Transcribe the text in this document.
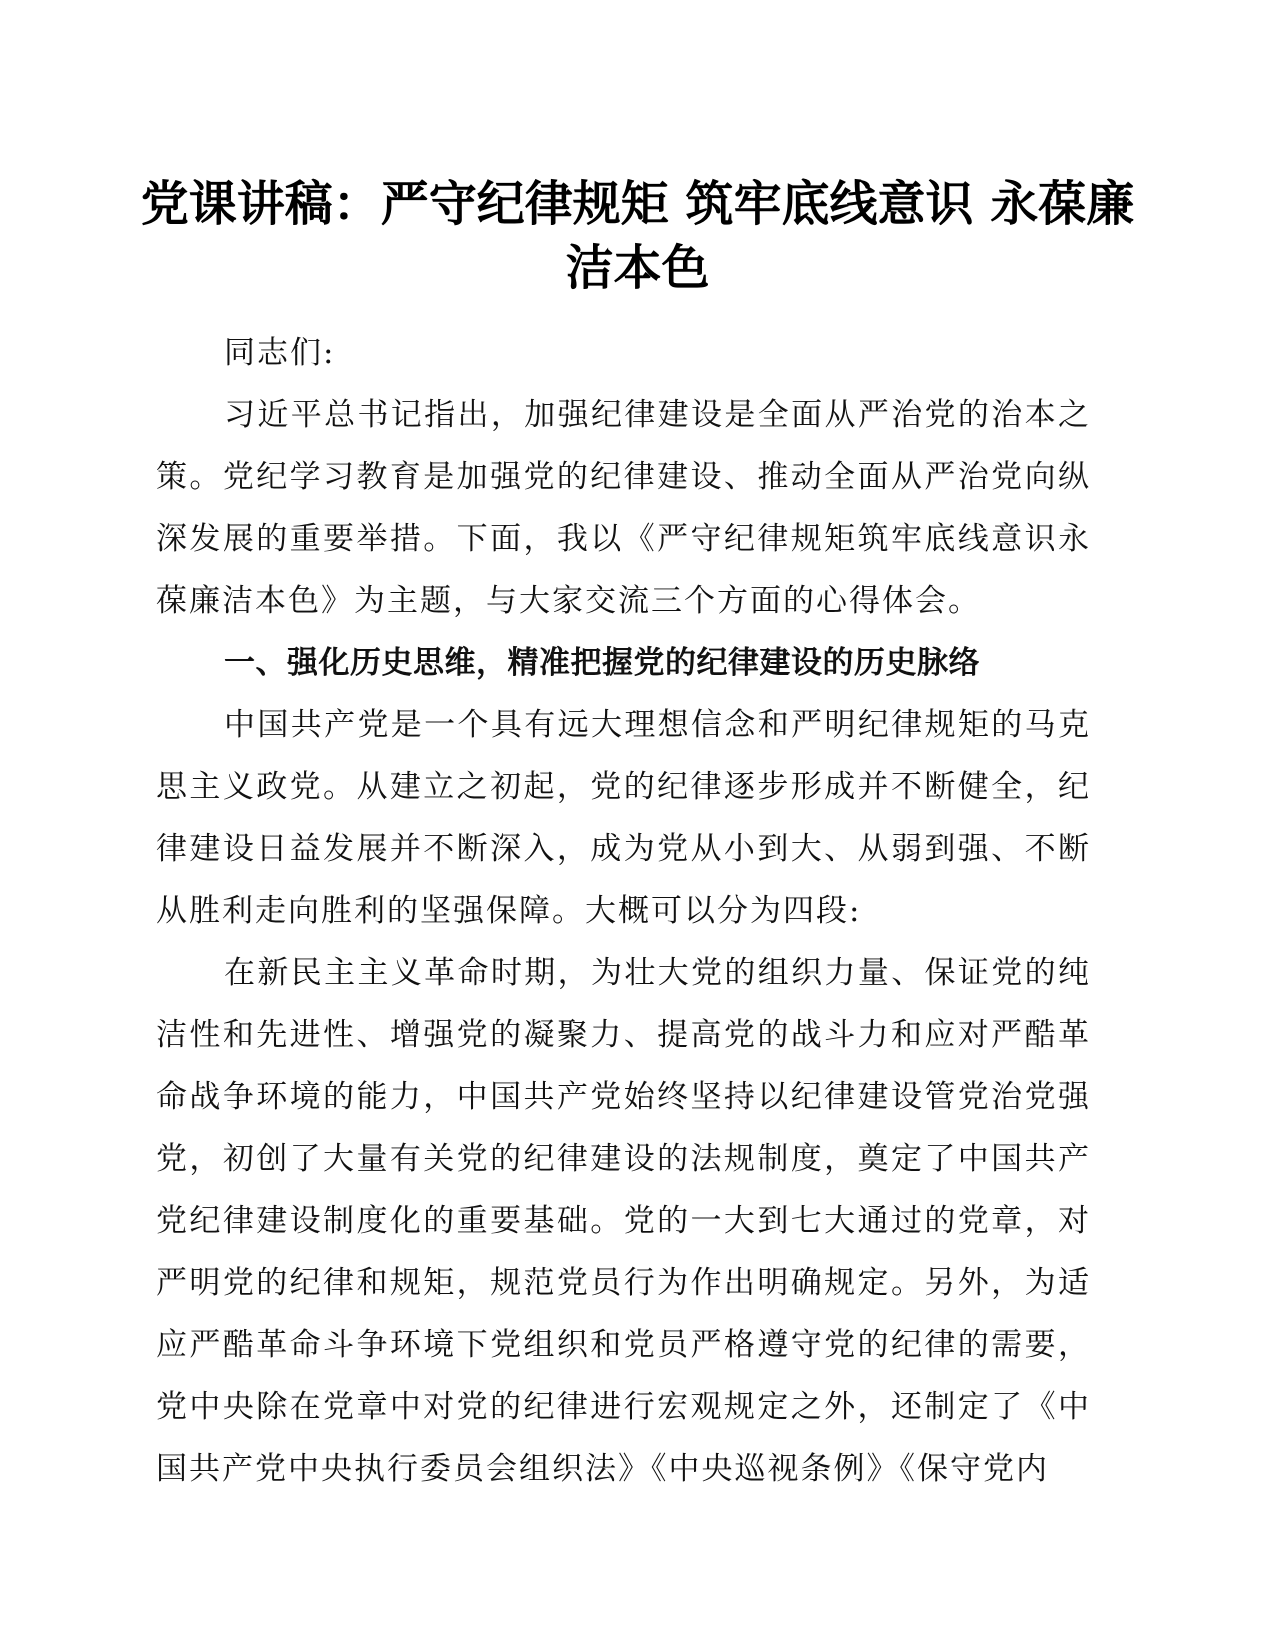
党课讲稿：严守纪律规矩 筑牢底线意识 永葆廉洁本色

同志们:

习近平总书记指出，加强纪律建设是全面从严治党的治本之策。党纪学习教育是加强党的纪律建设、推动全面从严治党向纵深发展的重要举措。下面，我以《严守纪律规矩筑牢底线意识永葆廉洁本色》为主题，与大家交流三个方面的心得体会。

一、强化历史思维，精准把握党的纪律建设的历史脉络

中国共产党是一个具有远大理想信念和严明纪律规矩的马克思主义政党。从建立之初起，党的纪律逐步形成并不断健全，纪律建设日益发展并不断深入，成为党从小到大、从弱到强、不断从胜利走向胜利的坚强保障。大概可以分为四段:

在新民主主义革命时期，为壮大党的组织力量、保证党的纯洁性和先进性、增强党的凝聚力、提高党的战斗力和应对严酷革命战争环境的能力，中国共产党始终坚持以纪律建设管党治党强党，初创了大量有关党的纪律建设的法规制度，奠定了中国共产党纪律建设制度化的重要基础。党的一大到七大通过的党章，对严明党的纪律和规矩，规范党员行为作出明确规定。另外，为适应严酷革命斗争环境下党组织和党员严格遵守党的纪律的需要，党中央除在党章中对党的纪律进行宏观规定之外，还制定了《中国共产党中央执行委员会组织法》《中央巡视条例》《保守党内
